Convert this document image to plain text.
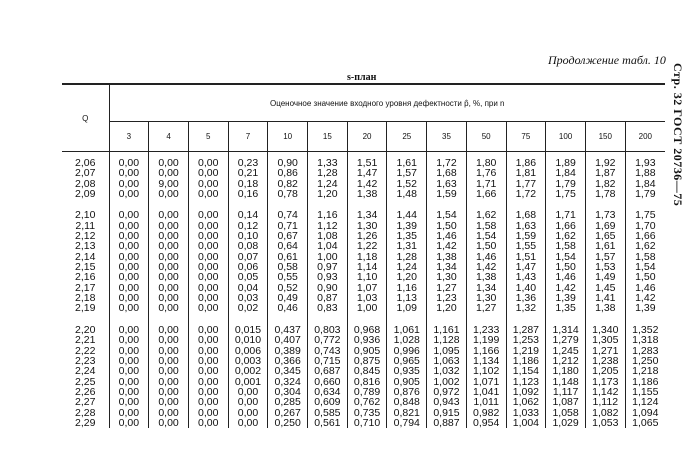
Продолжение табл. 10
Стр. 32 ГОСТ 20736—75
s-план
Q	Оценочное значение входного уровня дефектности p̂, %, при n													
	3	4	5	7	10	15	20	25	35	50	75	100	150	200
2,06	0,00	0,00	0,00	0,23	0,90	1,33	1,51	1,61	1,72	1,80	1,86	1,89	1,92	1,93
2,07	0,00	0,00	0,00	0,21	0,86	1,28	1,47	1,57	1,68	1,76	1,81	1,84	1,87	1,88
2,08	0,00	9,00	0,00	0,18	0,82	1,24	1,42	1,52	1,63	1,71	1,77	1,79	1,82	1,84
2,09	0,00	0,00	0,00	0,16	0,78	1,20	1,38	1,48	1,59	1,66	1,72	1,75	1,78	1,79

2,10	0,00	0,00	0,00	0,14	0,74	1,16	1,34	1,44	1,54	1,62	1,68	1,71	1,73	1,75
2,11	0,00	0,00	0,00	0,12	0,71	1,12	1,30	1,39	1,50	1,58	1,63	1,66	1,69	1,70
2,12	0,00	0,00	0,00	0,10	0,67	1,08	1,26	1,35	1,46	1,54	1,59	1,62	1,65	1,66
2,13	0,00	0,00	0,00	0,08	0,64	1,04	1,22	1,31	1,42	1,50	1,55	1,58	1,61	1,62
2,14	0,00	0,00	0,00	0,07	0,61	1,00	1,18	1,28	1,38	1,46	1,51	1,54	1,57	1,58
2,15	0,00	0,00	0,00	0,06	0,58	0,97	1,14	1,24	1,34	1,42	1,47	1,50	1,53	1,54
2,16	0,00	0,00	0,00	0,05	0,55	0,93	1,10	1,20	1,30	1,38	1,43	1,46	1,49	1,50
2,17	0,00	0,00	0,00	0,04	0,52	0,90	1,07	1,16	1,27	1,34	1,40	1,42	1,45	1,46
2,18	0,00	0,00	0,00	0,03	0,49	0,87	1,03	1,13	1,23	1,30	1,36	1,39	1,41	1,42
2,19	0,00	0,00	0,00	0,02	0,46	0,83	1,00	1,09	1,20	1,27	1,32	1,35	1,38	1,39

2,20	0,00	0,00	0,00	0,015	0,437	0,803	0,968	1,061	1,161	1,233	1,287	1,314	1,340	1,352
2,21	0,00	0,00	0,00	0,010	0,407	0,772	0,936	1,028	1,128	1,199	1,253	1,279	1,305	1,318
2,22	0,00	0,00	0,00	0,006	0,389	0,743	0,905	0,996	1,095	1,166	1,219	1,245	1,271	1,283
2,23	0,00	0,00	0,00	0,003	0,366	0,715	0,875	0,965	1,063	1,134	1,186	1,212	1,238	1,250
2,24	0,00	0,00	0,00	0,002	0,345	0,687	0,845	0,935	1,032	1,102	1,154	1,180	1,205	1,218
2,25	0,00	0,00	0,00	0,001	0,324	0,660	0,816	0,905	1,002	1,071	1,123	1,148	1,173	1,186
2,26	0,00	0,00	0,00	0,00	0,304	0,634	0,789	0,876	0,972	1,041	1,092	1,117	1,142	1,155
2,27	0,00	0,00	0,00	0,00	0,285	0,609	0,762	0,848	0,943	1,011	1,062	1,087	1,112	1,124
2,28	0,00	0,00	0,00	0,00	0,267	0,585	0,735	0,821	0,915	0,982	1,033	1,058	1,082	1,094
2,29	0,00	0,00	0,00	0,00	0,250	0,561	0,710	0,794	0,887	0,954	1,004	1,029	1,053	1,065
